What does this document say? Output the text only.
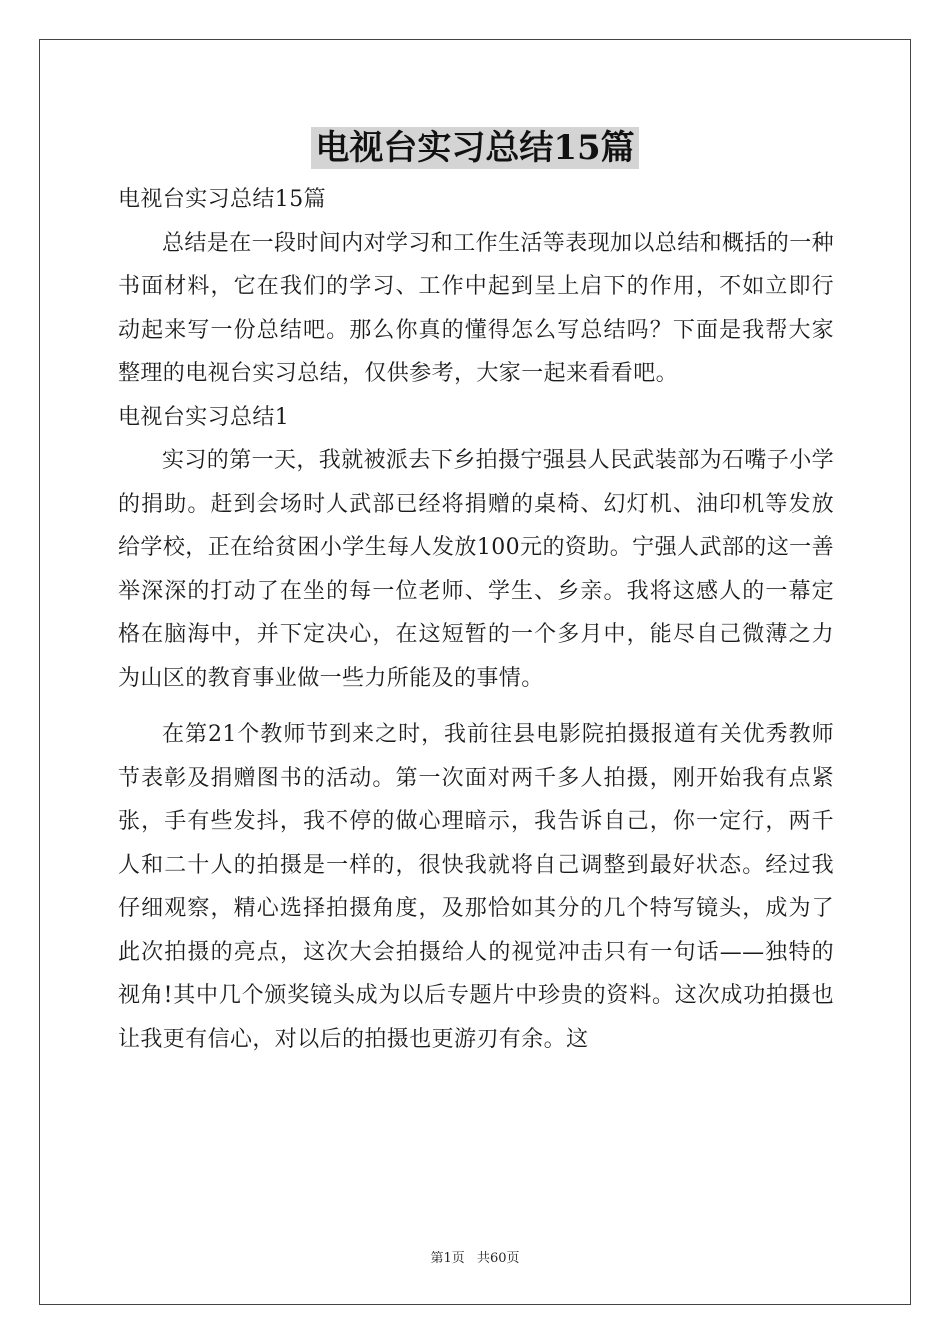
电视台实习总结15篇

电视台实习总结15篇

总结是在一段时间内对学习和工作生活等表现加以总结和概括的一种书面材料，它在我们的学习、工作中起到呈上启下的作用，不如立即行动起来写一份总结吧。那么你真的懂得怎么写总结吗？下面是我帮大家整理的电视台实习总结，仅供参考，大家一起来看看吧。

电视台实习总结1

实习的第一天，我就被派去下乡拍摄宁强县人民武装部为石嘴子小学的捐助。赶到会场时人武部已经将捐赠的桌椅、幻灯机、油印机等发放给学校，正在给贫困小学生每人发放100元的资助。宁强人武部的这一善举深深的打动了在坐的每一位老师、学生、乡亲。我将这感人的一幕定格在脑海中，并下定决心，在这短暂的一个多月中，能尽自己微薄之力为山区的教育事业做一些力所能及的事情。

在第21个教师节到来之时，我前往县电影院拍摄报道有关优秀教师节表彰及捐赠图书的活动。第一次面对两千多人拍摄，刚开始我有点紧张，手有些发抖，我不停的做心理暗示，我告诉自己，你一定行，两千人和二十人的拍摄是一样的，很快我就将自己调整到最好状态。经过我仔细观察，精心选择拍摄角度，及那恰如其分的几个特写镜头，成为了此次拍摄的亮点，这次大会拍摄给人的视觉冲击只有一句话——独特的视角!其中几个颁奖镜头成为以后专题片中珍贵的资料。这次成功拍摄也让我更有信心，对以后的拍摄也更游刃有余。这

第1页 共60页
